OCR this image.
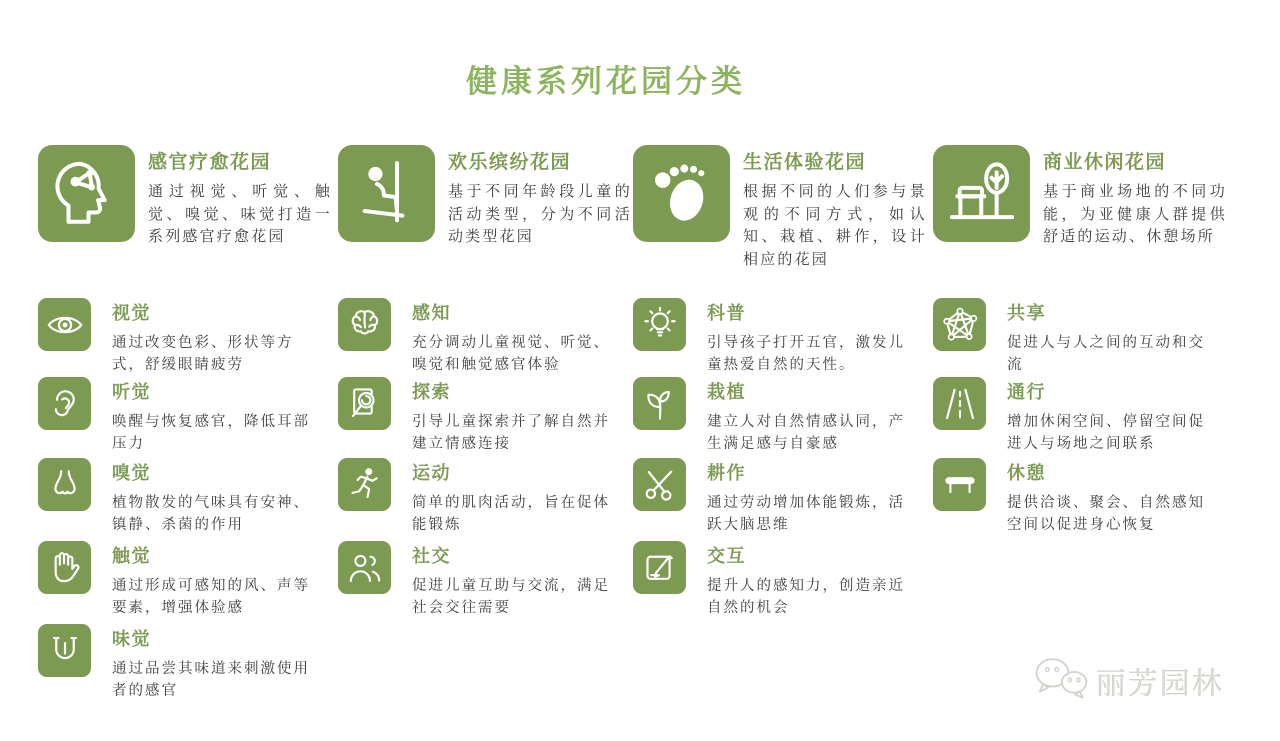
健康系列花园分类
感官疗愈花园
通过视觉、听觉、触觉、嗅觉、味觉打造一系列感官疗愈花园
视觉
通过改变色彩、形状等方式，舒缓眼睛疲劳
听觉
唤醒与恢复感官，降低耳部压力
嗅觉
植物散发的气味具有安神、镇静、杀菌的作用
触觉
通过形成可感知的风、声等要素，增强体验感
味觉
通过品尝其味道来刺激使用者的感官
欢乐缤纷花园
基于不同年龄段儿童的活动类型，分为不同活动类型花园
感知
充分调动儿童视觉、听觉、嗅觉和触觉感官体验
探索
引导儿童探索并了解自然并建立情感连接
运动
简单的肌肉活动，旨在促体能锻炼
社交
促进儿童互助与交流，满足社会交往需要
生活体验花园
根据不同的人们参与景观的不同方式，如认知、栽植、耕作，设计相应的花园
科普
引导孩子打开五官，激发儿童热爱自然的天性。
栽植
建立人对自然情感认同，产生满足感与自豪感
耕作
通过劳动增加体能锻炼，活跃大脑思维
交互
提升人的感知力，创造亲近自然的机会
商业休闲花园
基于商业场地的不同功能，为亚健康人群提供舒适的运动、休憩场所
共享
促进人与人之间的互动和交流
通行
增加休闲空间、停留空间促进人与场地之间联系
休憩
提供洽谈、聚会、自然感知空间以促进身心恢复
丽芳园林
